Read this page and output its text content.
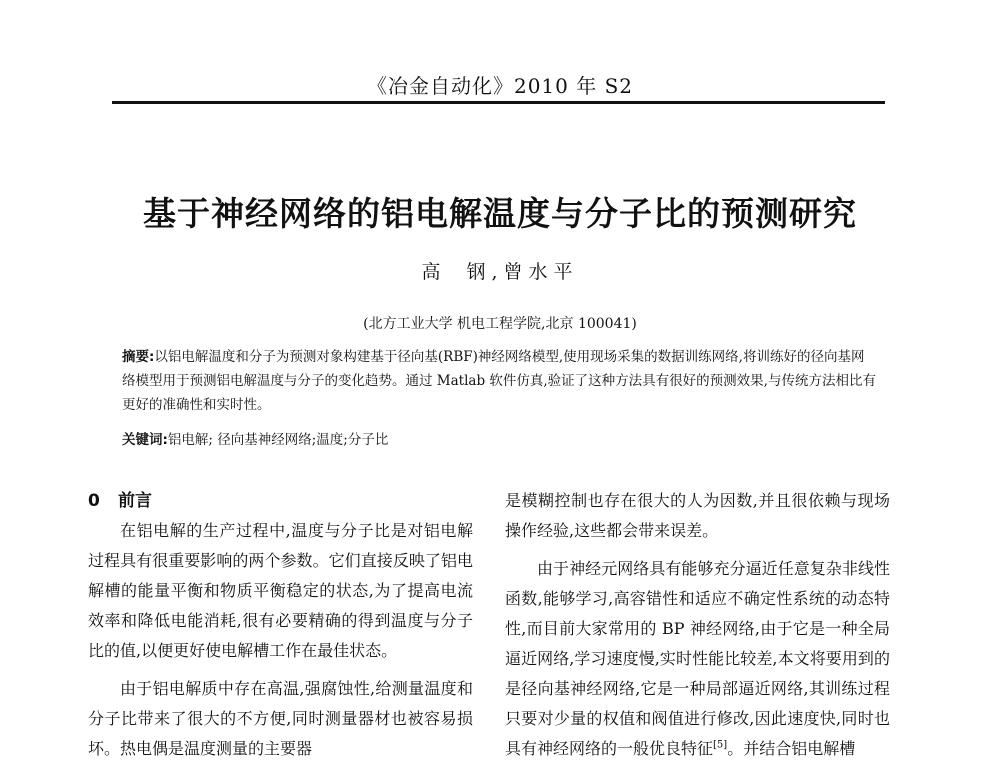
《冶金自动化》2010 年 S2
基于神经网络的铝电解温度与分子比的预测研究
高 钢,曾水平
(北方工业大学 机电工程学院,北京 100041)
摘要:以铝电解温度和分子为预测对象构建基于径向基(RBF)神经网络模型,使用现场采集的数据训练网络,将训练好的径向基网络模型用于预测铝电解温度与分子的变化趋势。通过 Matlab 软件仿真,验证了这种方法具有很好的预测效果,与传统方法相比有更好的准确性和实时性。
关键词:铝电解; 径向基神经网络;温度;分子比

0 前言

在铝电解的生产过程中,温度与分子比是对铝电解过程具有很重要影响的两个参数。它们直接反映了铝电解槽的能量平衡和物质平衡稳定的状态,为了提高电流效率和降低电能消耗,很有必要精确的得到温度与分子比的值,以便更好使电解槽工作在最佳状态。

由于铝电解质中存在高温,强腐蚀性,给测量温度和分子比带来了很大的不方便,同时测量器材也被容易损坏。热电偶是温度测量的主要器

是模糊控制也存在很大的人为因数,并且很依赖与现场操作经验,这些都会带来误差。

由于神经元网络具有能够充分逼近任意复杂非线性函数,能够学习,高容错性和适应不确定性系统的动态特性,而目前大家常用的 BP 神经网络,由于它是一种全局逼近网络,学习速度慢,实时性能比较差,本文将要用到的是径向基神经网络,它是一种局部逼近网络,其训练过程只要对少量的权值和阀值进行修改,因此速度快,同时也具有神经网络的一般优良特征[5]。并结合铝电解槽
